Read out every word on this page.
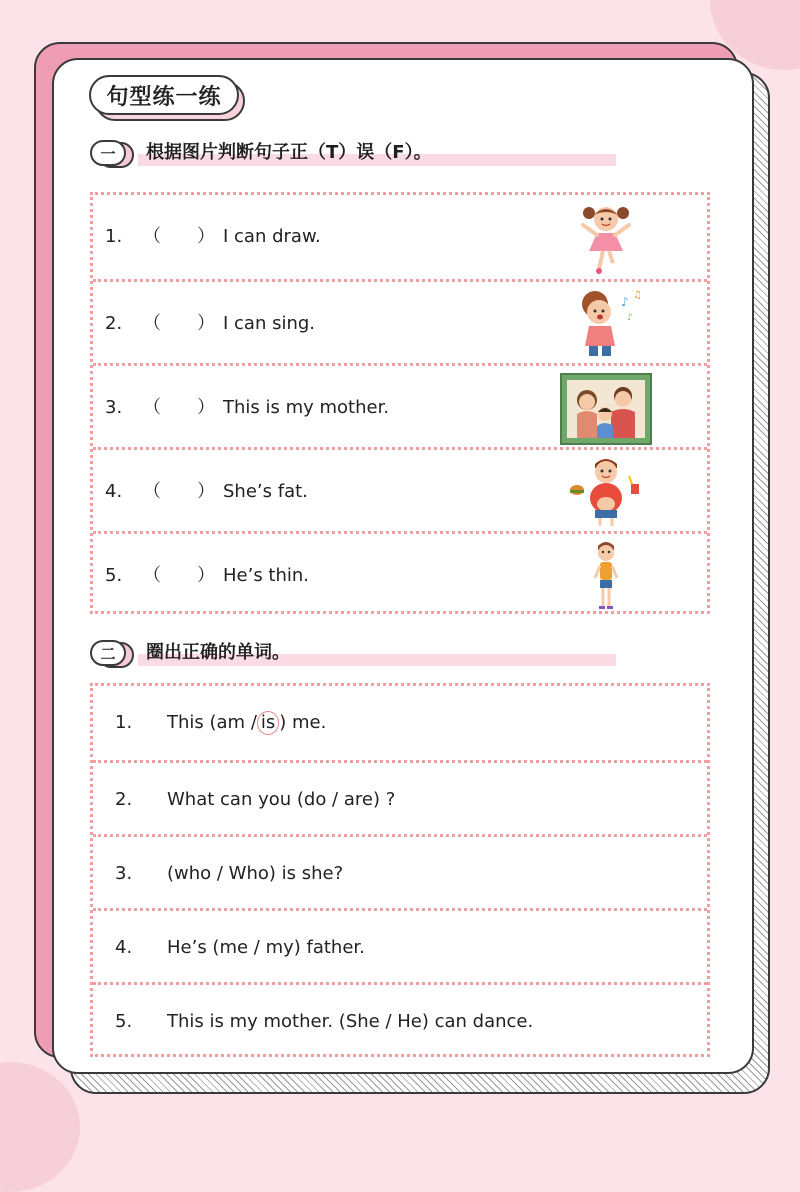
句型练一练
一	根据图片判断句子正（T）误（F）。
1. （　　） I can draw.
2. （　　） I can sing.
♪ ♫
♪
3. （　　） This is my mother.
4. （　　） She’s fat.
5. （　　） He’s thin.
二	圈出正确的单词。
1. This (am / is ) me.
2. What can you (do / are) ?
3. (who / Who) is she?
4. He’s (me / my) father.
5. This is my mother. (She / He) can dance.
